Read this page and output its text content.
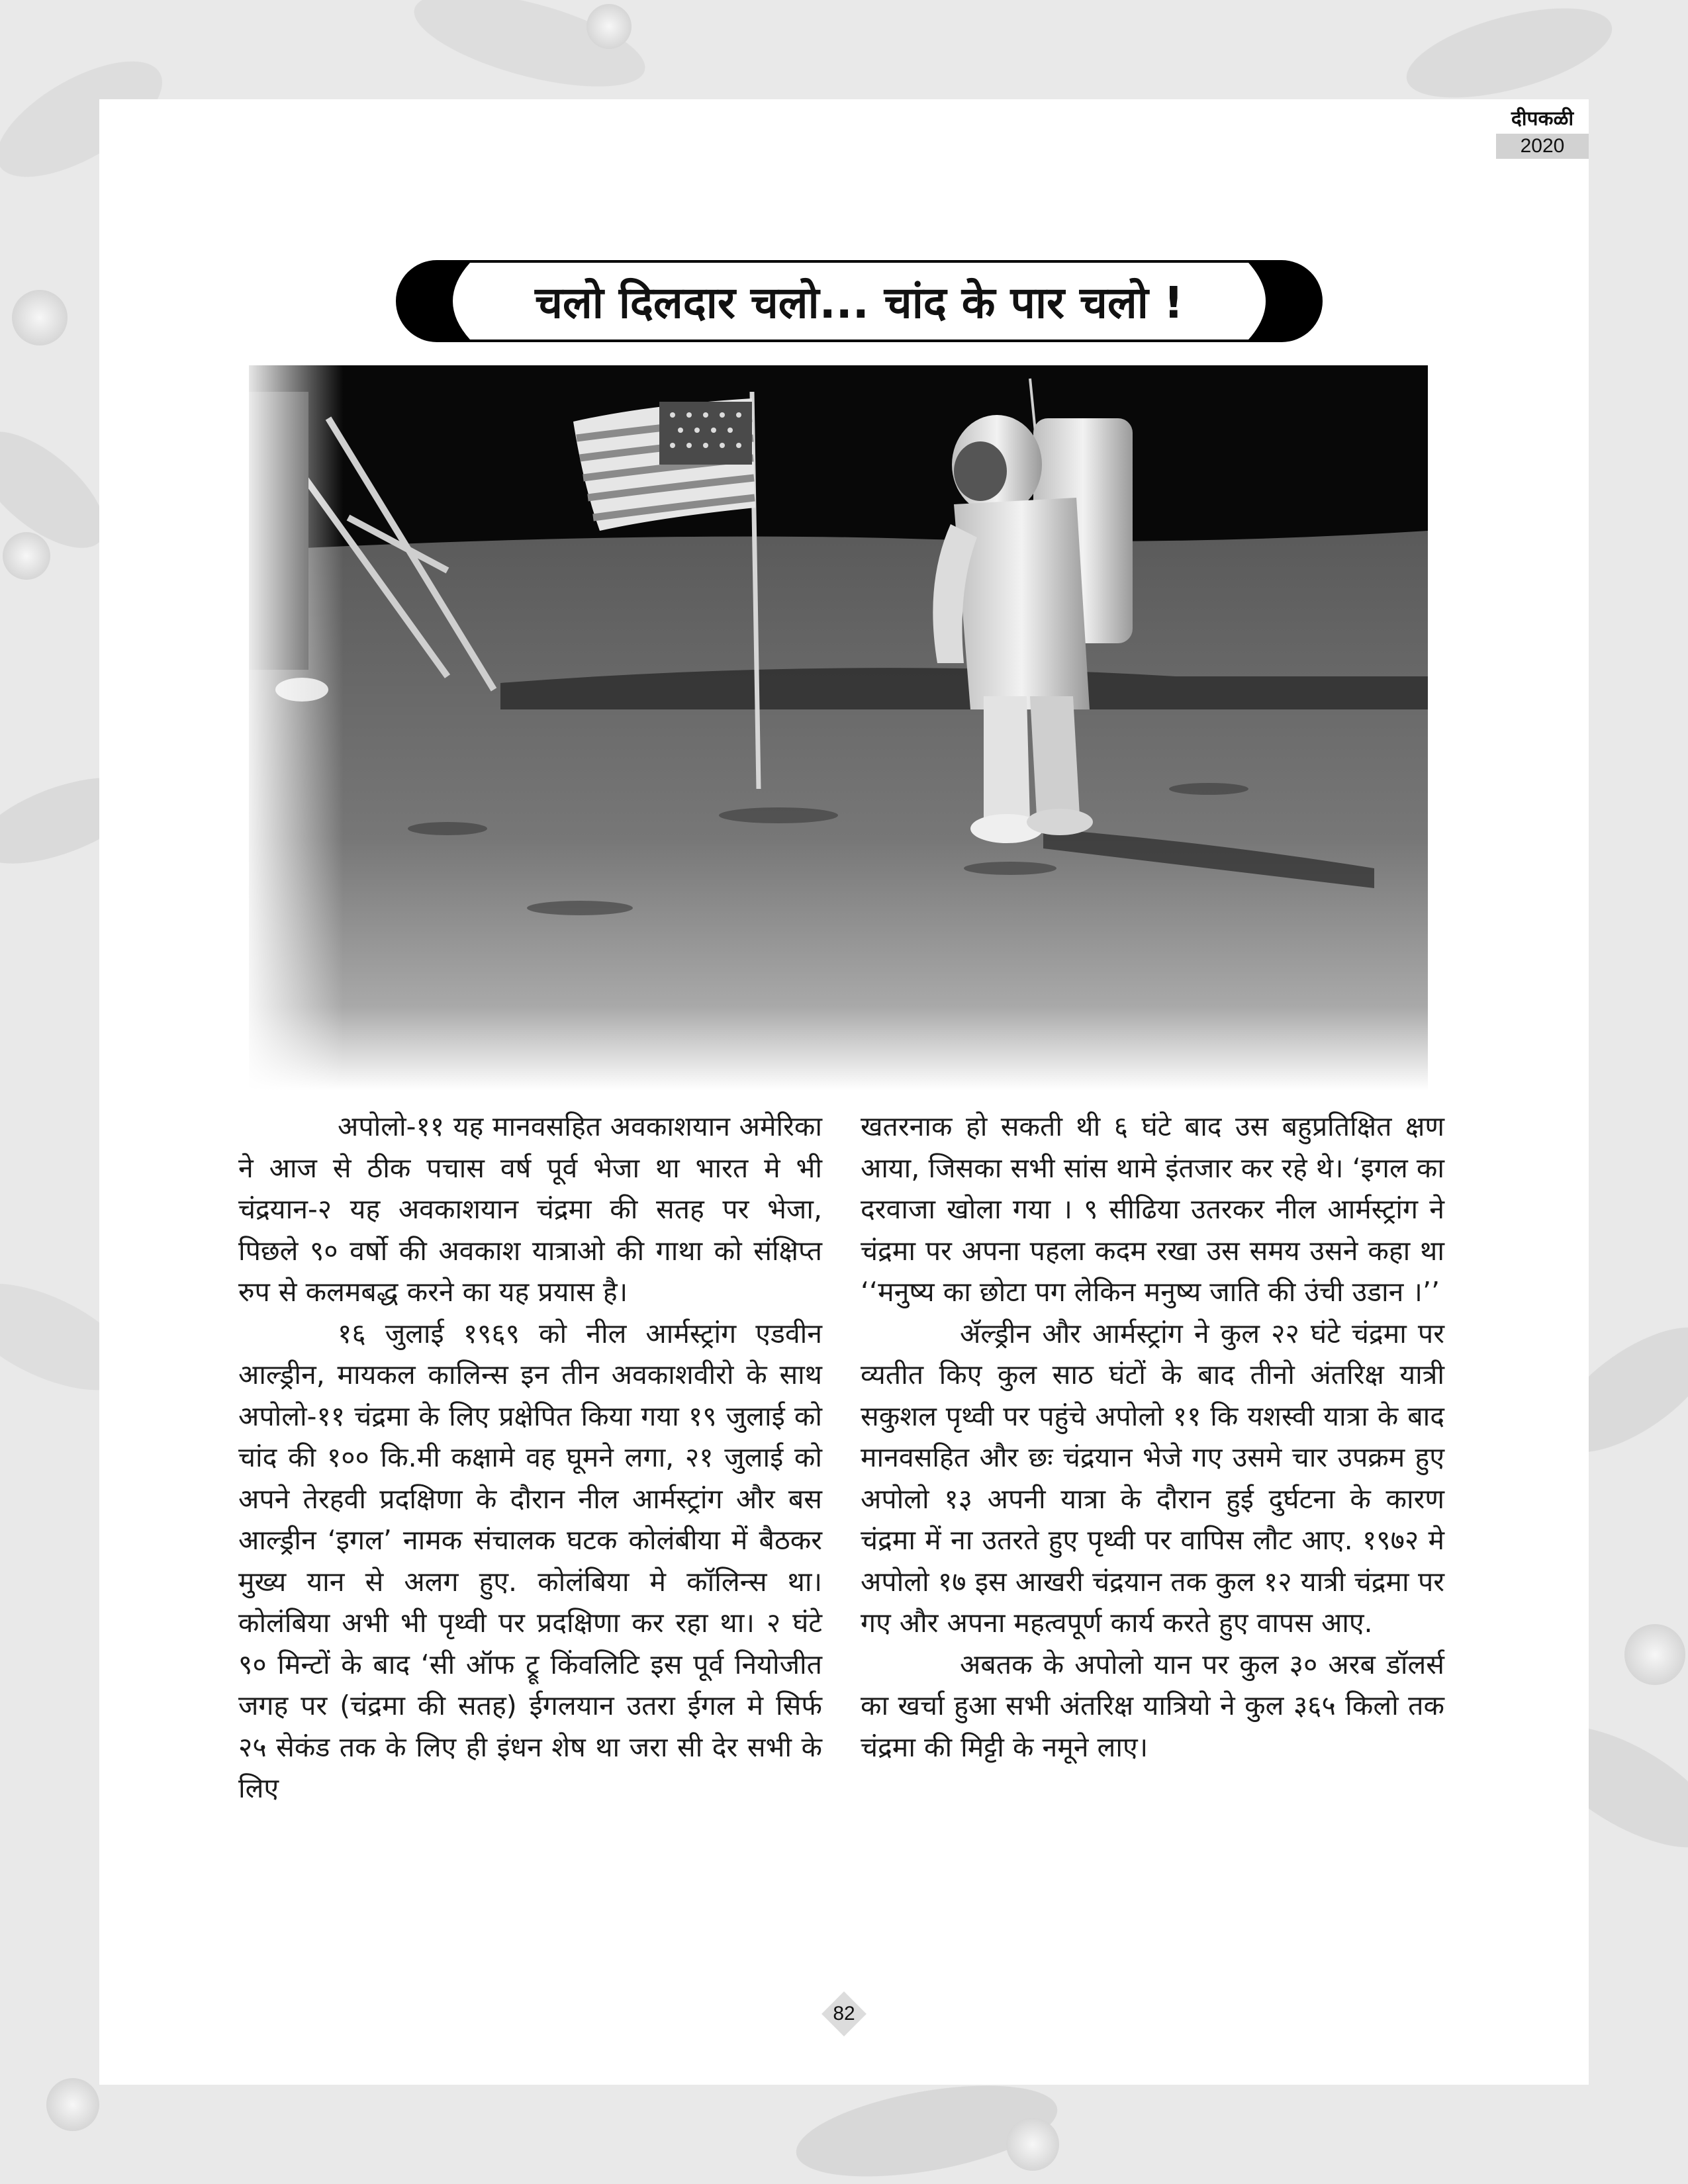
दीपकळी
2020
चलो दिलदार चलो... चांद के पार चलो !

अपोलो-११ यह मानवसहित अवकाशयान अमेरिका ने आज से ठीक पचास वर्ष पूर्व भेजा था भारत मे भी चंद्रयान-२ यह अवकाशयान चंद्रमा की सतह पर भेजा, पिछले ९० वर्षो की अवकाश यात्राओ की गाथा को संक्षिप्त रुप से कलमबद्ध करने का यह प्रयास है।

१६ जुलाई १९६९ को नील आर्मस्ट्रांग एडवीन आल्ड्रीन, मायकल कालिन्स इन तीन अवकाशवीरो के साथ अपोलो-११ चंद्रमा के लिए प्रक्षेपित किया गया १९ जुलाई को चांद की १०० कि.मी कक्षामे वह घूमने लगा, २१ जुलाई को अपने तेरहवी प्रदक्षिणा के दौरान नील आर्मस्ट्रांग और बस आल्ड्रीन ‘इगल’ नामक संचालक घटक कोलंबीया में बैठकर मुख्य यान से अलग हुए. कोलंबिया मे कॉलिन्स था। कोलंबिया अभी भी पृथ्वी पर प्रदक्षिणा कर रहा था। २ घंटे ९० मिन्टों के बाद ‘सी ऑफ ट्रू किंवलिटि इस पूर्व नियोजीत जगह पर (चंद्रमा की सतह) ईगलयान उतरा ईगल मे सिर्फ २५ सेकंड तक के लिए ही इंधन शेष था जरा सी देर सभी के लिए

खतरनाक हो सकती थी ६ घंटे बाद उस बहुप्रतिक्षित क्षण आया, जिसका सभी सांस थामे इंतजार कर रहे थे। ‘इगल का दरवाजा खोला गया । ९ सीढिया उतरकर नील आर्मस्ट्रांग ने चंद्रमा पर अपना पहला कदम रखा उस समय उसने कहा था ‘‘मनुष्य का छोटा पग लेकिन मनुष्य जाति की उंची उडान ।’’

ॲल्ड्रीन और आर्मस्ट्रांग ने कुल २२ घंटे चंद्रमा पर व्यतीत किए कुल साठ घंटों के बाद तीनो अंतरिक्ष यात्री सकुशल पृथ्वी पर पहुंचे अपोलो ११ कि यशस्वी यात्रा के बाद मानवसहित और छः चंद्रयान भेजे गए उसमे चार उपक्रम हुए अपोलो १३ अपनी यात्रा के दौरान हुई दुर्घटना के कारण चंद्रमा में ना उतरते हुए पृथ्वी पर वापिस लौट आए. १९७२ मे अपोलो १७ इस आखरी चंद्रयान तक कुल १२ यात्री चंद्रमा पर गए और अपना महत्वपूर्ण कार्य करते हुए वापस आए.

अबतक के अपोलो यान पर कुल ३० अरब डॉलर्स का खर्चा हुआ सभी अंतरिक्ष यात्रियो ने कुल ३६५ किलो तक चंद्रमा की मिट्टी के नमूने लाए।

82
